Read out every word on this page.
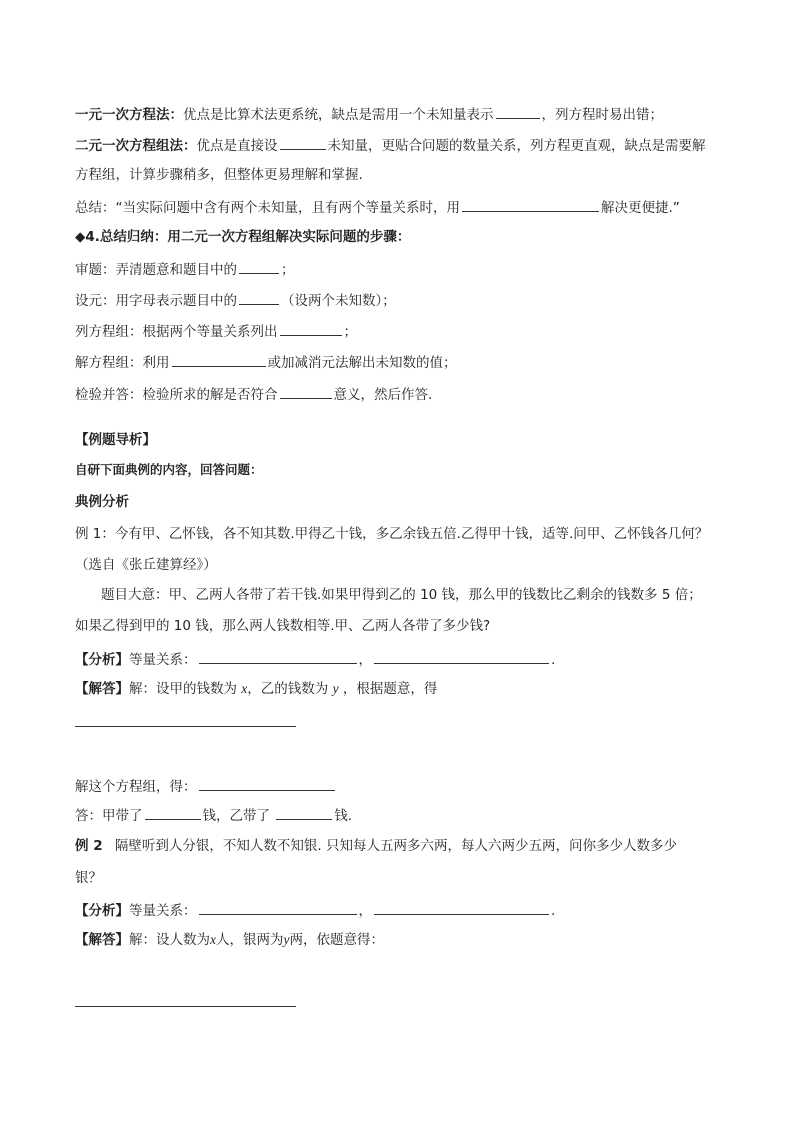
一元一次方程法：优点是比算术法更系统，缺点是需用一个未知量表示	，列方程时易出错；
二元一次方程组法：优点是直接设	未知量，更贴合问题的数量关系，列方程更直观，缺点是需要解
方程组，计算步骤稍多，但整体更易理解和掌握.
总结：“当实际问题中含有两个未知量，且有两个等量关系时，用	解决更便捷.”
◆4.总结归纳：用二元一次方程组解决实际问题的步骤：
审题：弄清题意和题目中的	；
设元：用字母表示题目中的	（设两个未知数）；
列方程组：根据两个等量关系列出	；
解方程组：利用	或加减消元法解出未知数的值；
检验并答：检验所求的解是否符合	意义，然后作答.
【例题导析】
自研下面典例的内容，回答问题：
典例分析
例 1：今有甲、乙怀钱，各不知其数.甲得乙十钱，多乙余钱五倍.乙得甲十钱，适等.问甲、乙怀钱各几何？
（选自《张丘建算经》）
题目大意：甲、乙两人各带了若干钱.如果甲得到乙的 10 钱，那么甲的钱数比乙剩余的钱数多 5 倍；
如果乙得到甲的 10 钱，那么两人钱数相等.甲、乙两人各带了多少钱?
【分析】等量关系：	，	.
【解答】解：设甲的钱数为 x，乙的钱数为 y ，根据题意，得
解这个方程组，得：
答：甲带了	钱，乙带了	钱.
例 2 隔壁听到人分银，不知人数不知银. 只知每人五两多六两，每人六两少五两，问你多少人数多少
银？
【分析】等量关系：	，	.
【解答】解：设人数为x人，银两为y两，依题意得：
